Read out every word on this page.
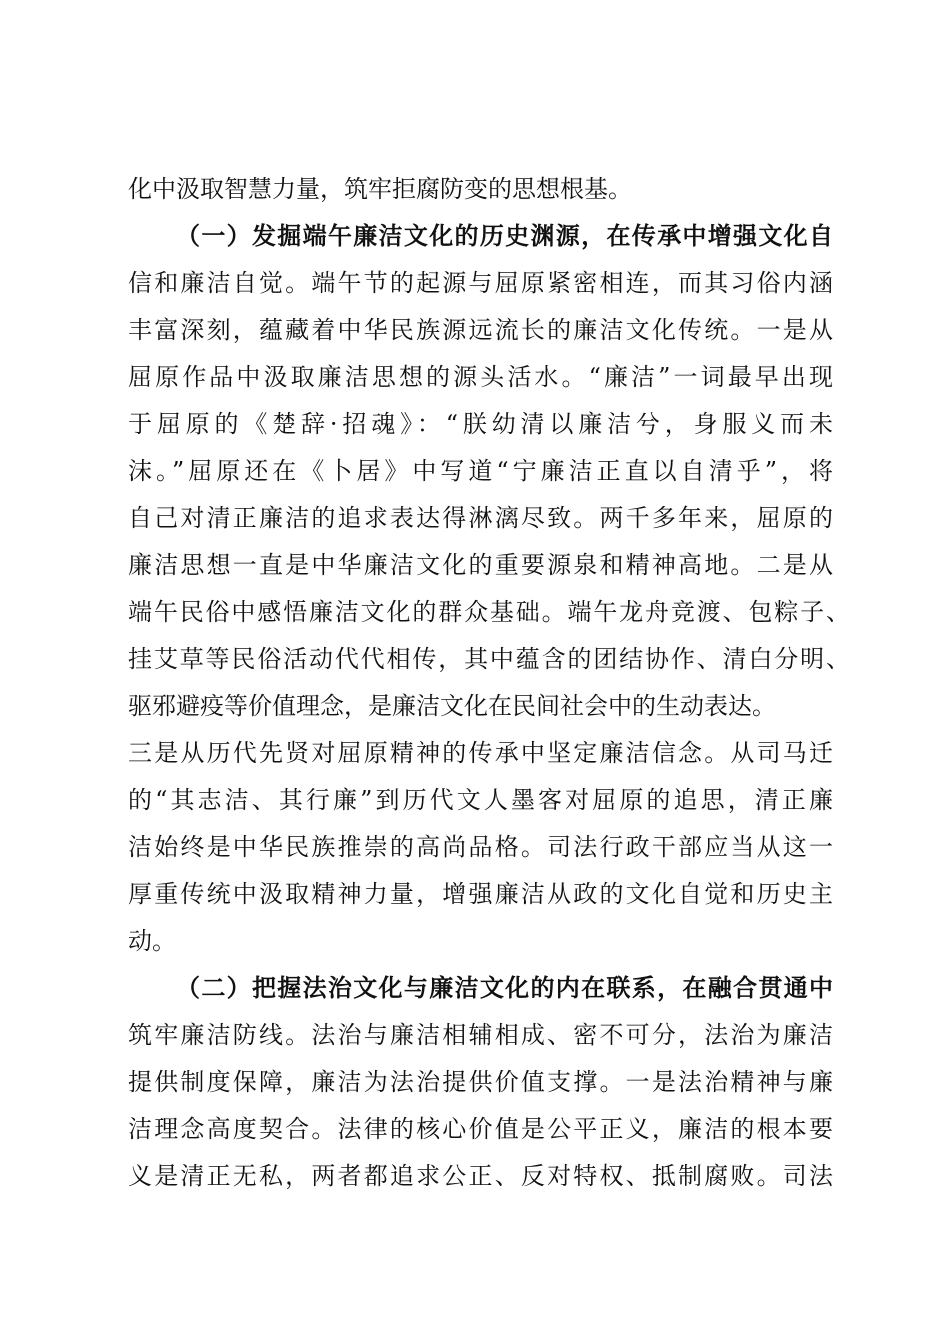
化中汲取智慧力量，筑牢拒腐防变的思想根基。
（一）发掘端午廉洁文化的历史渊源，在传承中增强文化自
信和廉洁自觉。端午节的起源与屈原紧密相连，而其习俗内涵
丰富深刻，蕴藏着中华民族源远流长的廉洁文化传统。一是从
屈原作品中汲取廉洁思想的源头活水。“廉洁”一词最早出现
于屈原的《楚辞·招魂》：“朕幼清以廉洁兮，身服义而未
沫。”屈原还在《卜居》中写道“宁廉洁正直以自清乎”，将
自己对清正廉洁的追求表达得淋漓尽致。两千多年来，屈原的
廉洁思想一直是中华廉洁文化的重要源泉和精神高地。二是从
端午民俗中感悟廉洁文化的群众基础。端午龙舟竞渡、包粽子、
挂艾草等民俗活动代代相传，其中蕴含的团结协作、清白分明、
驱邪避疫等价值理念，是廉洁文化在民间社会中的生动表达。
三是从历代先贤对屈原精神的传承中坚定廉洁信念。从司马迁
的“其志洁、其行廉”到历代文人墨客对屈原的追思，清正廉
洁始终是中华民族推崇的高尚品格。司法行政干部应当从这一
厚重传统中汲取精神力量，增强廉洁从政的文化自觉和历史主
动。
（二）把握法治文化与廉洁文化的内在联系，在融合贯通中
筑牢廉洁防线。法治与廉洁相辅相成、密不可分，法治为廉洁
提供制度保障，廉洁为法治提供价值支撑。一是法治精神与廉
洁理念高度契合。法律的核心价值是公平正义，廉洁的根本要
义是清正无私，两者都追求公正、反对特权、抵制腐败。司法
